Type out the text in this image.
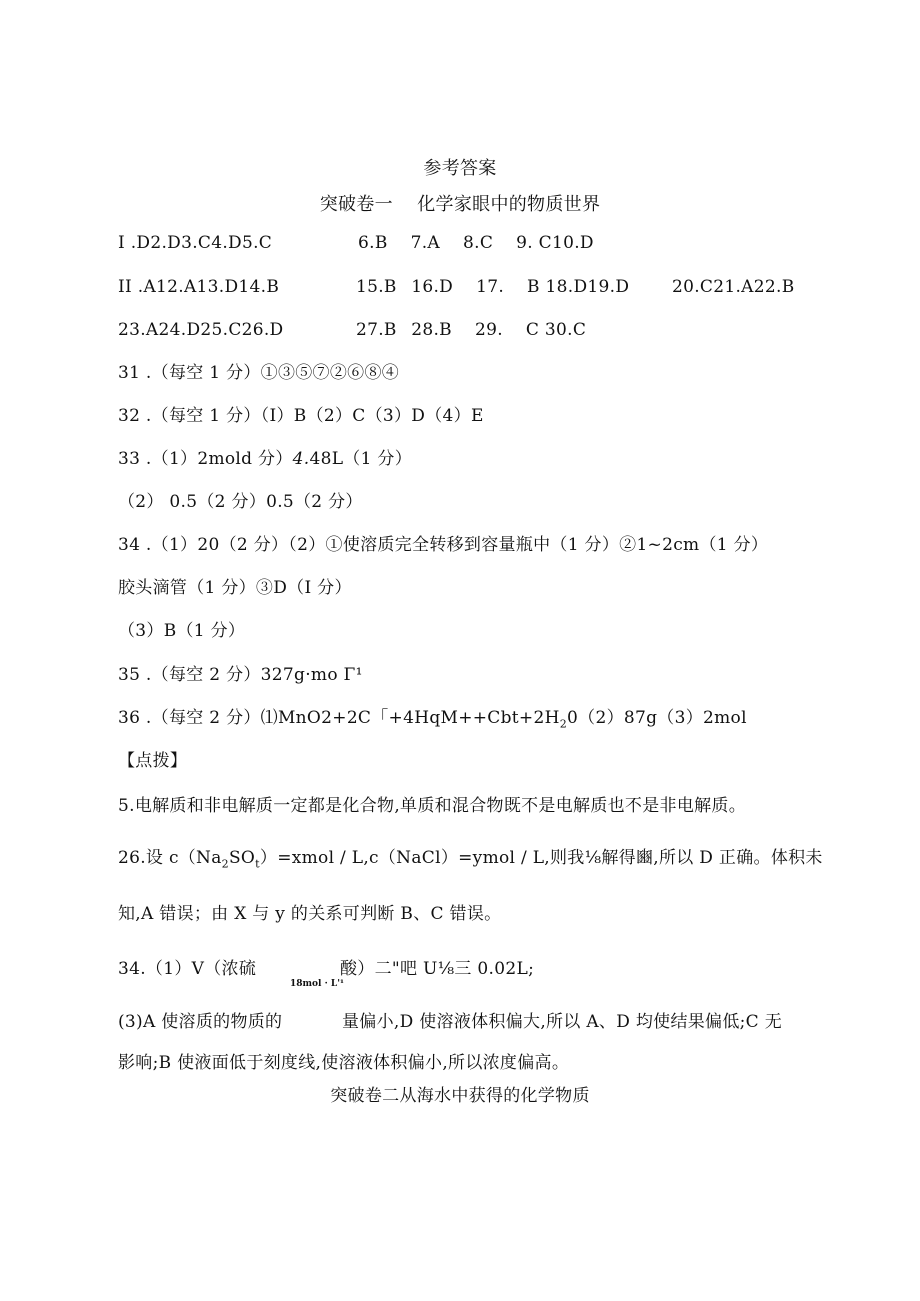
参考答案
突破卷一　 化学家眼中的物质世界
I .D2.D3.C4.D5.C	6.B　 7.A　 8.C　 9. C10.D
II .A12.A13.D14.B	15.B  16.D  17.　 B 18.D19.D	20.C21.A22.B
23.A24.D25.C26.D	27.B  28.B  29.　 C 30.C
31 .（每空 1 分）①③⑤⑦②⑥⑧④
32 .（每空 1 分）（I）B（2）C（3）D（4）E
33 .（1）2mold 分）4.48L（1 分）
（2） 0.5（2 分）0.5（2 分）
34 .（1）20（2 分）（2）①使溶质完全转移到容量瓶中（1 分）②1~2cm（1 分）
胶头滴管（1 分）③D（I 分）
（3）B（1 分）
35 .（每空 2 分）327g·mo Γ¹
36 .（每空 2 分）⑴MnO2+2C「$+4HqM++Cbt+2H_20(2)87g(3)2mol$
【点拨】
5.电解质和非电解质一定都是化合物,单质和混合物既不是电解质也不是非电解质。
26.设 $c(Na_2SO_t)=xmol$ / L,c（NaCl）=ymol / L,则我⅛解得豳,所以 D 正确。体积未
知,A 错误；由 X 与 y 的关系可判断 B、C 错误。
34.（1）V（浓硫
18mol · L'¹
酸）二"吧 U⅛三 0.02L;
(3)A 使溶质的物质的	量偏小,D 使溶液体积偏大,所以 A、D 均使结果偏低;C 无
影响;B 使液面低于刻度线,使溶液体积偏小,所以浓度偏高。
突破卷二从海水中获得的化学物质
